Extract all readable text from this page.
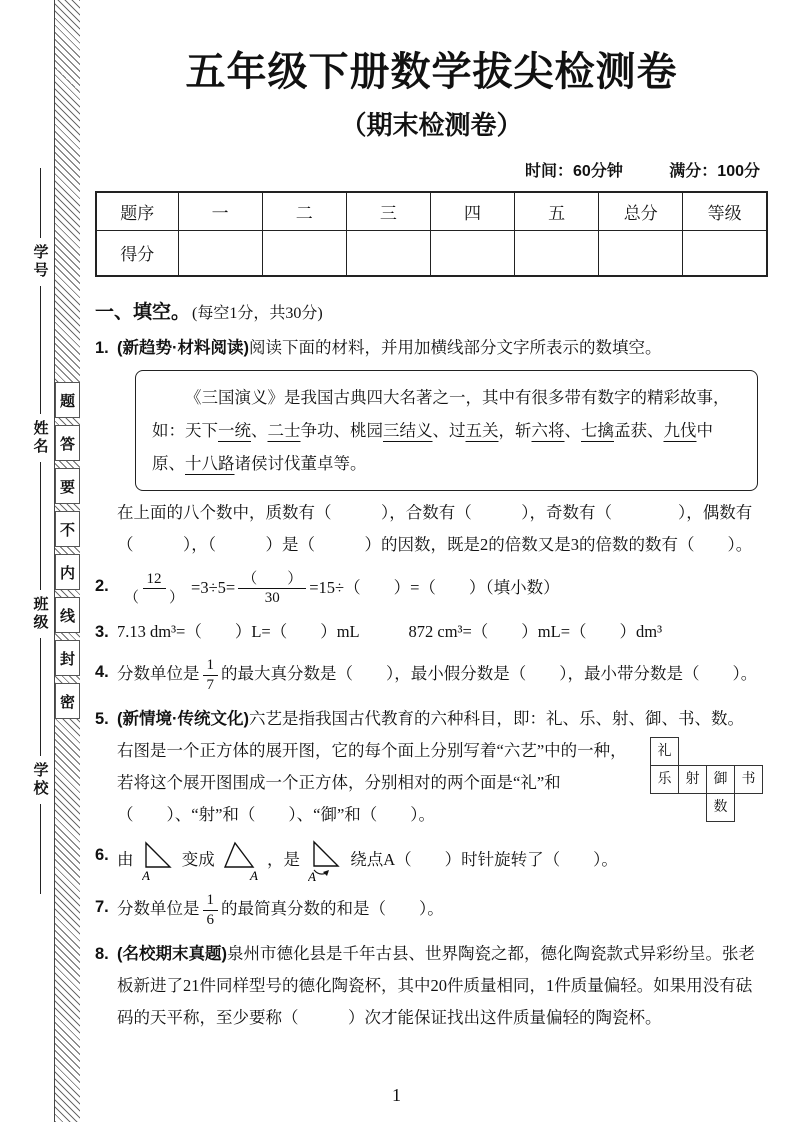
学号
姓名
班级
学校
题
答
要
不
内
线
封
密
五年级下册数学拔尖检测卷
（期末检测卷）
时间：60分钟	满分：100分
题序	一	二	三	四	五	总分	等级
得分							
一、填空。 (每空1分，共30分)
1. (新趋势·材料阅读)阅读下面的材料，并用加横线部分文字所表示的数填空。

《三国演义》是我国古典四大名著之一，其中有很多带有数字的精彩故事，如：天下一统、二士争功、桃园三结义、过五关，斩六将、七擒孟获、九伐中原、十八路诸侯讨伐董卓等。

在上面的八个数中，质数有（　　　），合数有（　　　），奇数有（　　　　），偶数有（　　　），（　　　）是（　　　）的因数，既是2的倍数又是3的倍数的数有（　　）。

2. $\frac{12}{( )} =3\div 5= \frac{( )}{30} =15\div$（　　）=（　　）（填小数）

3. 7.13 dm³=（　　）L=（　　）mL　　　872 cm³=（　　）mL=（　　）dm³

4. 分数单位是 $\frac{1}{7}$ 的最大真分数是（　　），最小假分数是（　　），最小带分数是（　　）。

5. (新情境·传统文化)六艺是指我国古代教育的六种科目，即：礼、乐、射、御、书、数。

礼
乐	射	御	书
数
右图是一个正方体的展开图，它的每个面上分别写着“六艺”中的一种，若将这个展开图围成一个正方体，分别相对的两个面是“礼”和（　　）、“射”和（　　）、“御”和（　　）。
6. 由
A
变成
A
，是
A
绕点A（　　）时针旋转了（　　）。

7. 分数单位是 $\frac{1}{6}$ 的最简真分数的和是（　　）。

8. (名校期末真题)泉州市德化县是千年古县、世界陶瓷之都，德化陶瓷款式异彩纷呈。张老板新进了21件同样型号的德化陶瓷杯，其中20件质量相同，1件质量偏轻。如果用没有砝码的天平称，至少要称（　　　）次才能保证找出这件质量偏轻的陶瓷杯。

1
